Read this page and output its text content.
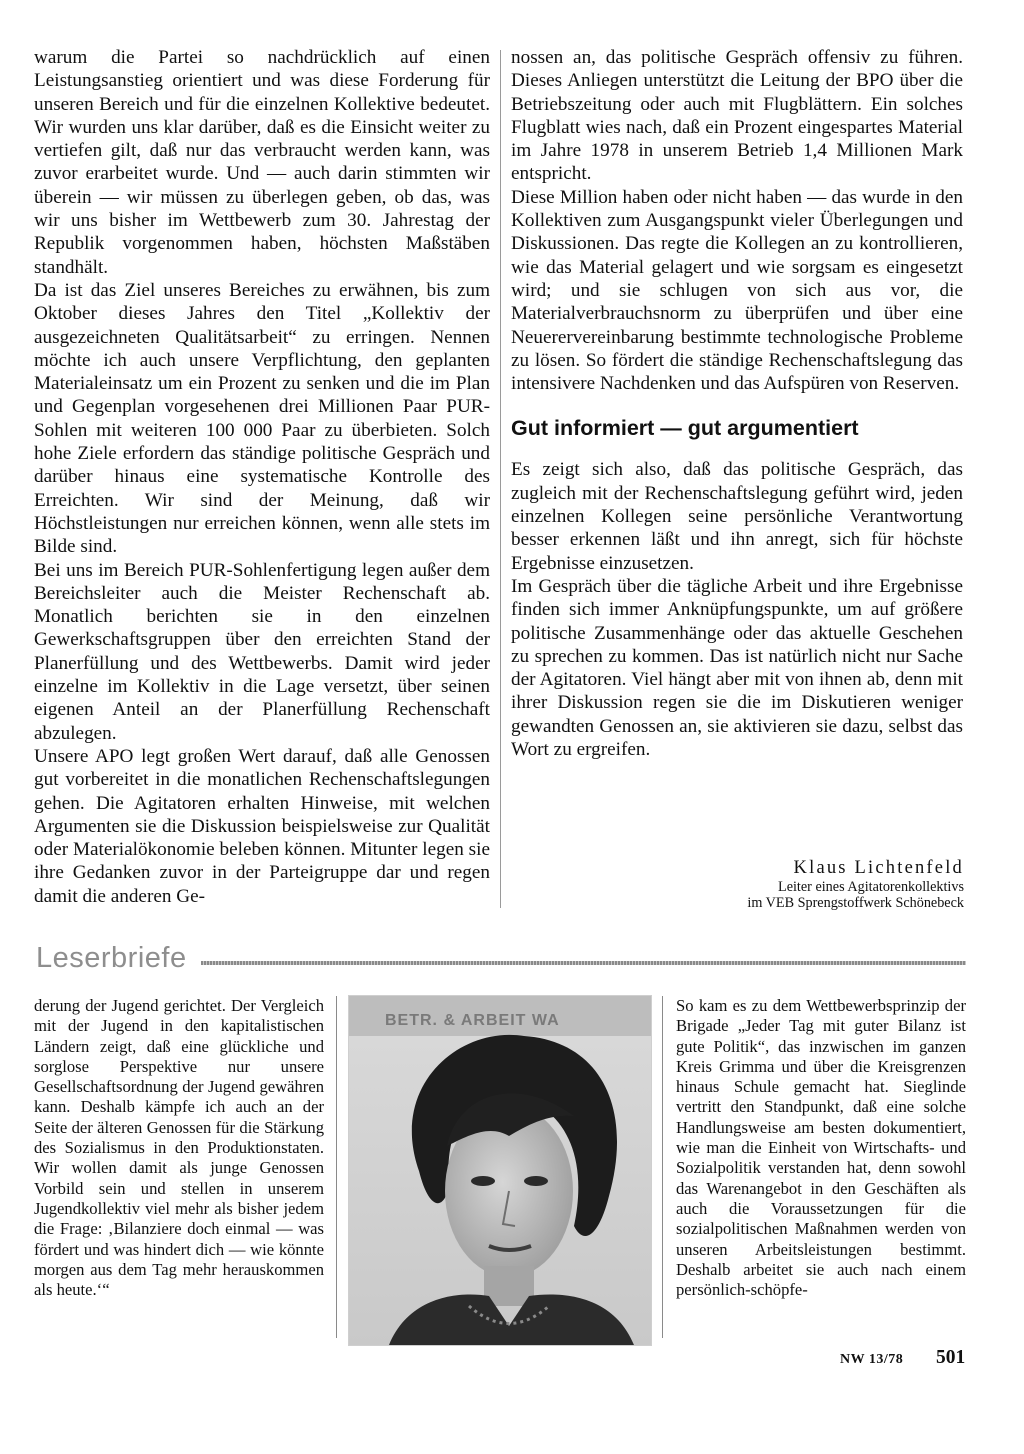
warum die Partei so nachdrücklich auf einen Leistungsanstieg orientiert und was diese Forderung für unseren Bereich und für die einzelnen Kollektive bedeutet. Wir wurden uns klar darüber, daß es die Einsicht weiter zu vertiefen gilt, daß nur das verbraucht werden kann, was zuvor erarbeitet wurde. Und — auch darin stimmten wir überein — wir müssen zu überlegen geben, ob das, was wir uns bisher im Wettbewerb zum 30. Jahrestag der Republik vorgenommen haben, höchsten Maßstäben standhält.

Da ist das Ziel unseres Bereiches zu erwähnen, bis zum Oktober dieses Jahres den Titel „Kollektiv der ausgezeichneten Qualitätsarbeit“ zu erringen. Nennen möchte ich auch unsere Verpflichtung, den geplanten Materialeinsatz um ein Prozent zu senken und die im Plan und Gegenplan vorgesehenen drei Millionen Paar PUR-Sohlen mit weiteren 100 000 Paar zu überbieten. Solch hohe Ziele erfordern das ständige politische Gespräch und darüber hinaus eine systematische Kontrolle des Erreichten. Wir sind der Meinung, daß wir Höchstleistungen nur erreichen können, wenn alle stets im Bilde sind.

Bei uns im Bereich PUR-Sohlenfertigung legen außer dem Bereichsleiter auch die Meister Rechenschaft ab. Monatlich berichten sie in den einzelnen Gewerkschaftsgruppen über den erreichten Stand der Planerfüllung und des Wettbewerbs. Damit wird jeder einzelne im Kollektiv in die Lage versetzt, über seinen eigenen Anteil an der Planerfüllung Rechenschaft abzulegen.

Unsere APO legt großen Wert darauf, daß alle Genossen gut vorbereitet in die monatlichen Rechenschaftslegungen gehen. Die Agitatoren erhalten Hinweise, mit welchen Argumenten sie die Diskussion beispielsweise zur Qualität oder Materialökonomie beleben können. Mitunter legen sie ihre Gedanken zuvor in der Parteigruppe dar und regen damit die anderen Ge-

nossen an, das politische Gespräch offensiv zu führen. Dieses Anliegen unterstützt die Leitung der BPO über die Betriebszeitung oder auch mit Flugblättern. Ein solches Flugblatt wies nach, daß ein Prozent eingespartes Material im Jahre 1978 in unserem Betrieb 1,4 Millionen Mark entspricht.

Diese Million haben oder nicht haben — das wurde in den Kollektiven zum Ausgangspunkt vieler Überlegungen und Diskussionen. Das regte die Kollegen an zu kontrollieren, wie das Material gelagert und wie sorgsam es eingesetzt wird; und sie schlugen von sich aus vor, die Materialverbrauchsnorm zu überprüfen und über eine Neuerervereinbarung bestimmte technologische Probleme zu lösen. So fördert die ständige Rechenschaftslegung das intensivere Nachdenken und das Aufspüren von Reserven.

Gut informiert — gut argumentiert

Es zeigt sich also, daß das politische Gespräch, das zugleich mit der Rechenschaftslegung geführt wird, jeden einzelnen Kollegen seine persönliche Verantwortung besser erkennen läßt und ihn anregt, sich für höchste Ergebnisse einzusetzen.

Im Gespräch über die tägliche Arbeit und ihre Ergebnisse finden sich immer Anknüpfungspunkte, um auf größere politische Zusammenhänge oder das aktuelle Geschehen zu sprechen zu kommen. Das ist natürlich nicht nur Sache der Agitatoren. Viel hängt aber mit von ihnen ab, denn mit ihrer Diskussion regen sie die im Diskutieren weniger gewandten Genossen an, sie aktivieren sie dazu, selbst das Wort zu ergreifen.

Klaus Lichtenfeld
Leiter eines Agitatorenkollektivs
im VEB Sprengstoffwerk Schönebeck
Leserbriefe

derung der Jugend gerichtet. Der Vergleich mit der Jugend in den kapitalistischen Ländern zeigt, daß eine glückliche und sorglose Perspektive nur unsere Gesellschaftsordnung der Jugend gewähren kann. Deshalb kämpfe ich auch an der Seite der älteren Genossen für die Stärkung des Sozialismus in den Produktionstaten. Wir wollen damit als junge Genossen Vorbild sein und stellen in unserem Jugendkollektiv viel mehr als bisher jedem die Frage: ‚Bilanziere doch einmal — was fördert und was hindert dich — wie könnte morgen aus dem Tag mehr herauskommen als heute.‘“

BETR. & ARBEIT WA

So kam es zu dem Wettbewerbsprinzip der Brigade „Jeder Tag mit guter Bilanz ist gute Politik“, das inzwischen im ganzen Kreis Grimma und über die Kreisgrenzen hinaus Schule gemacht hat. Sieglinde vertritt den Standpunkt, daß eine solche Handlungsweise am besten dokumentiert, wie man die Einheit von Wirtschafts- und Sozialpolitik verstanden hat, denn sowohl das Warenangebot in den Geschäften als auch die Voraussetzungen für die sozialpolitischen Maßnahmen werden von unseren Arbeitsleistungen bestimmt. Deshalb arbeitet sie auch nach einem persönlich-schöpfe-

NW 13/78 501
